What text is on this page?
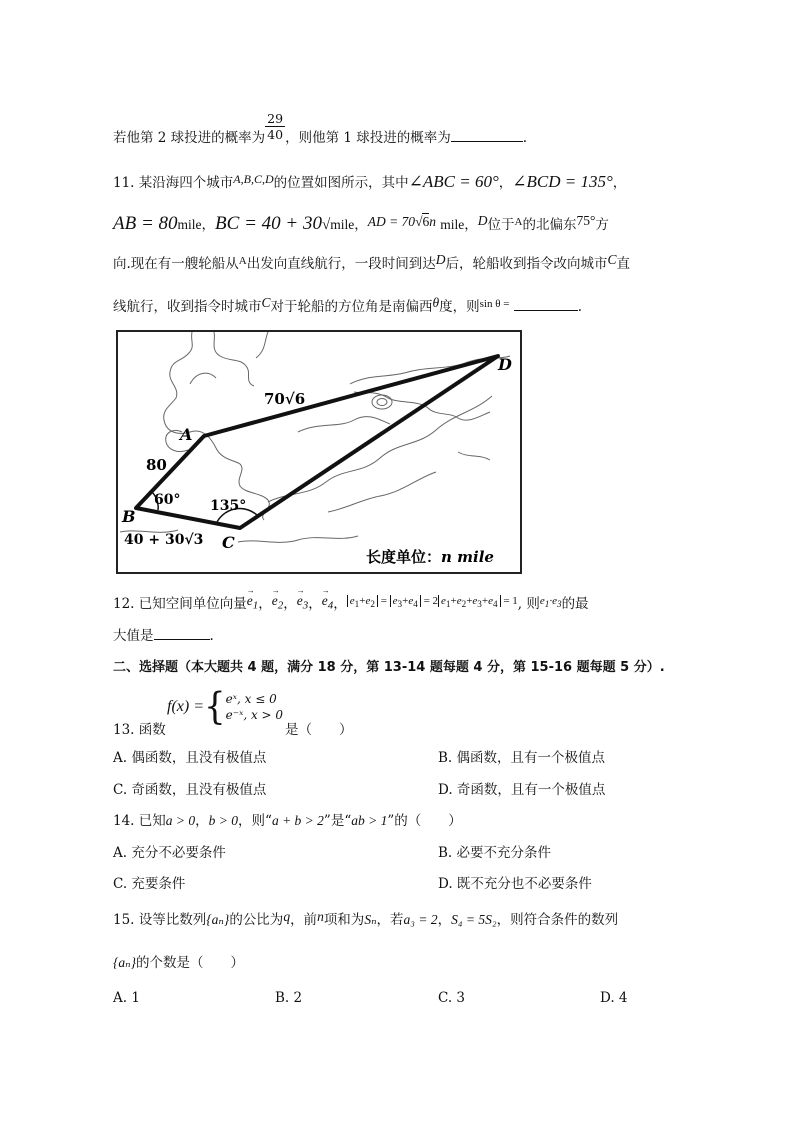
若他第 2 球投进的概率为 $\frac{29}{40}$ ，则他第 1 球投进的概率为	.
11. 某沿海四个城市A,B,C,D的位置如图所示，其中∠ABC = 60°，∠BCD = 135°，
AB = 80mile，BC = 40 + 30√mile，AD = 70√6n mile，D位于$^A$的北偏东75°方
向.现在有一艘轮船从$^A$出发向直线航行，一段时间到达D后，轮船收到指令改向城市C直
线航行，收到指令时城市C对于轮船的方位角是南偏西θ度，则$^{sin \theta =}$	.
A
B
C
D
70√6
80
60° 135°
40 + 30√3
长度单位：n mile
12. 已知空间单位向量→ $e_1$，→ $e_2$，→ $e_3$，→ $e_4$， $^{e_1+e_2 = e_3+e_4 = 2 e_1+e_2+e_3+e_4 = 1}$, 则$^{e_1\cdot e_3}$的最
大值是	.
二、选择题（本大题共 4 题，满分 18 分，第 13-14 题每题 4 分，第 15-16 题每题 5 分）.
13. 函数
f(x) ={ eˣ, x ≤ 0
e⁻ˣ, x > 0
是（　　）
A. 偶函数，且没有极值点	B. 偶函数，且有一个极值点
C. 奇函数，且没有极值点	D. 奇函数，且有一个极值点
14. 已知a > 0，b > 0，则“a + b > 2”是“ab > 1”的（　　）
A. 充分不必要条件	B. 必要不充分条件
C. 充要条件	D. 既不充分也不必要条件
15. 设等比数列{aₙ}的公比为q，前n项和为Sₙ，若a₃ = 2，S₄ = 5S₂，则符合条件的数列
{aₙ}的个数是（　　）
A. 1	B. 2	C. 3	D. 4
